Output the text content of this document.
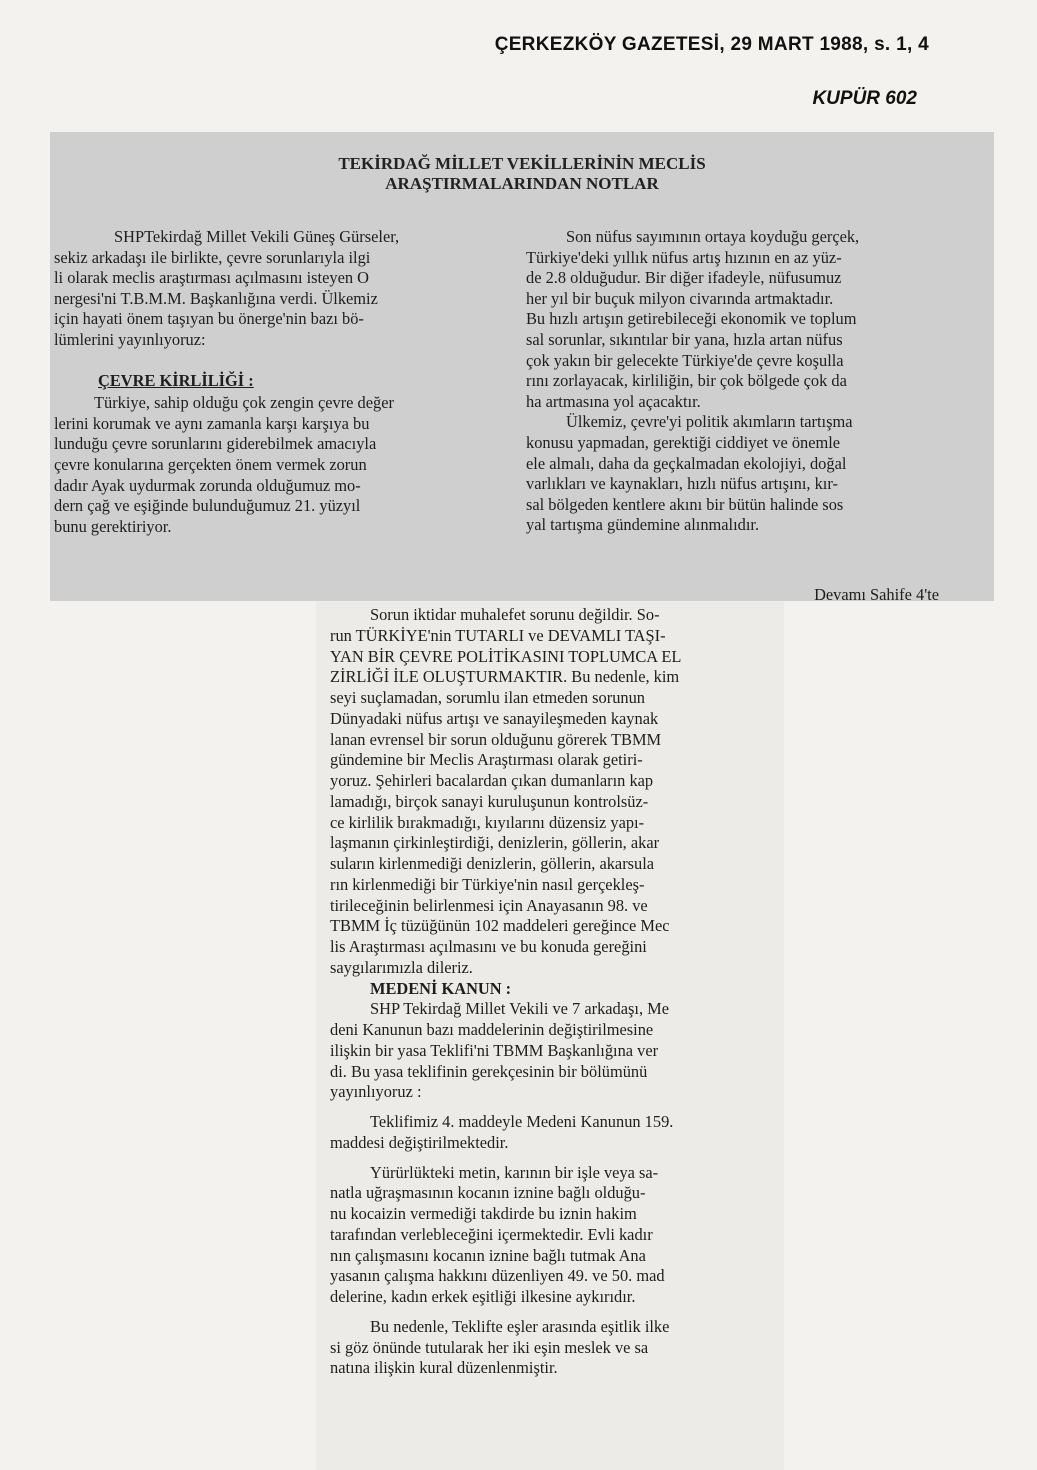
ÇERKEZKÖY GAZETESİ, 29 MART 1988, s. 1, 4
KUPÜR 602
TEKİRDAĞ MİLLET VEKİLLERİNİN MECLİS
ARAŞTIRMALARINDAN NOTLAR

SHPTekirdağ Millet Vekili Güneş Gürseler,
sekiz arkadaşı ile birlikte, çevre sorunlarıyla ilgi
li olarak meclis araştırması açılmasını isteyen O
nergesi'ni T.B.M.M. Başkanlığına verdi. Ülkemiz
için hayati önem taşıyan bu önerge'nin bazı bö-
lümlerini yayınlıyoruz:

ÇEVRE KİRLİLİĞİ :

Türkiye, sahip olduğu çok zengin çevre değer
lerini korumak ve aynı zamanla karşı karşıya bu
lunduğu çevre sorunlarını giderebilmek amacıyla
çevre konularına gerçekten önem vermek zorun
dadır Ayak uydurmak zorunda olduğumuz mo-
dern çağ ve eşiğinde bulunduğumuz 21. yüzyıl
bunu gerektiriyor.

Son nüfus sayımının ortaya koyduğu gerçek,
Türkiye'deki yıllık nüfus artış hızının en az yüz-
de 2.8 olduğudur. Bir diğer ifadeyle, nüfusumuz
her yıl bir buçuk milyon civarında artmaktadır.
Bu hızlı artışın getirebileceği ekonomik ve toplum
sal sorunlar, sıkıntılar bir yana, hızla artan nüfus
çok yakın bir gelecekte Türkiye'de çevre koşulla
rını zorlayacak, kirliliğin, bir çok bölgede çok da
ha artmasına yol açacaktır.

Ülkemiz, çevre'yi politik akımların tartışma
konusu yapmadan, gerektiği ciddiyet ve önemle
ele almalı, daha da geçkalmadan ekolojiyi, doğal
varlıkları ve kaynakları, hızlı nüfus artışını, kır-
sal bölgeden kentlere akını bir bütün halinde sos
yal tartışma gündemine alınmalıdır.

Devamı Sahife 4'te

Sorun iktidar muhalefet sorunu değildir. So-
run TÜRKİYE'nin TUTARLI ve DEVAMLI TAŞI-
YAN BİR ÇEVRE POLİTİKASINI TOPLUMCA EL
ZİRLİĞİ İLE OLUŞTURMAKTIR. Bu nedenle, kim
seyi suçlamadan, sorumlu ilan etmeden sorunun
Dünyadaki nüfus artışı ve sanayileşmeden kaynak
lanan evrensel bir sorun olduğunu görerek TBMM
gündemine bir Meclis Araştırması olarak getiri-
yoruz. Şehirleri bacalardan çıkan dumanların kap
lamadığı, birçok sanayi kuruluşunun kontrolsüz-
ce kirlilik bırakmadığı, kıyılarını düzensiz yapı-
laşmanın çirkinleştirdiği, denizlerin, göllerin, akar
suların kirlenmediği denizlerin, göllerin, akarsula
rın kirlenmediği bir Türkiye'nin nasıl gerçekleş-
tirileceğinin belirlenmesi için Anayasanın 98. ve
TBMM İç tüzüğünün 102 maddeleri gereğince Mec
lis Araştırması açılmasını ve bu konuda gereğini
saygılarımızla dileriz.

MEDENİ KANUN :

SHP Tekirdağ Millet Vekili ve 7 arkadaşı, Me
deni Kanunun bazı maddelerinin değiştirilmesine
ilişkin bir yasa Teklifi'ni TBMM Başkanlığına ver
di. Bu yasa teklifinin gerekçesinin bir bölümünü
yayınlıyoruz :

Teklifimiz 4. maddeyle Medeni Kanunun 159.
maddesi değiştirilmektedir.

Yürürlükteki metin, karının bir işle veya sa-
natla uğraşmasının kocanın iznine bağlı olduğu-
nu kocaizin vermediği takdirde bu iznin hakim
tarafından verlebleceğini içermektedir. Evli kadır
nın çalışmasını kocanın iznine bağlı tutmak Ana
yasanın çalışma hakkını düzenliyen 49. ve 50. mad
delerine, kadın erkek eşitliği ilkesine aykırıdır.

Bu nedenle, Teklifte eşler arasında eşitlik ilke
si göz önünde tutularak her iki eşin meslek ve sa
natına ilişkin kural düzenlenmiştir.
